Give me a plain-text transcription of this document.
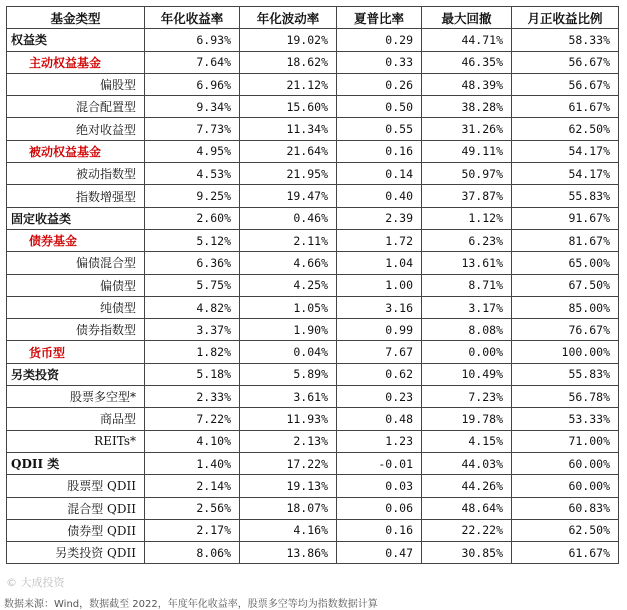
基金类型	年化收益率	年化波动率	夏普比率	最大回撤	月正收益比例
权益类	6.93%	19.02%	0.29	44.71%	58.33%
主动权益基金	7.64%	18.62%	0.33	46.35%	56.67%
偏股型	6.96%	21.12%	0.26	48.39%	56.67%
混合配置型	9.34%	15.60%	0.50	38.28%	61.67%
绝对收益型	7.73%	11.34%	0.55	31.26%	62.50%
被动权益基金	4.95%	21.64%	0.16	49.11%	54.17%
被动指数型	4.53%	21.95%	0.14	50.97%	54.17%
指数增强型	9.25%	19.47%	0.40	37.87%	55.83%
固定收益类	2.60%	0.46%	2.39	1.12%	91.67%
债券基金	5.12%	2.11%	1.72	6.23%	81.67%
偏债混合型	6.36%	4.66%	1.04	13.61%	65.00%
偏债型	5.75%	4.25%	1.00	8.71%	67.50%
纯债型	4.82%	1.05%	3.16	3.17%	85.00%
债券指数型	3.37%	1.90%	0.99	8.08%	76.67%
货币型	1.82%	0.04%	7.67	0.00%	100.00%
另类投资	5.18%	5.89%	0.62	10.49%	55.83%
股票多空型*	2.33%	3.61%	0.23	7.23%	56.78%
商品型	7.22%	11.93%	0.48	19.78%	53.33%
REITs*	4.10%	2.13%	1.23	4.15%	71.00%
QDII 类	1.40%	17.22%	-0.01	44.03%	60.00%
股票型 QDII	2.14%	19.13%	0.03	44.26%	60.00%
混合型 QDII	2.56%	18.07%	0.06	48.64%	60.83%
债券型 QDII	2.17%	4.16%	0.16	22.22%	62.50%
另类投资 QDII	8.06%	13.86%	0.47	30.85%	61.67%
© 大成投资
数据来源：Wind，数据截至 2022，年度年化收益率，股票多空等均为指数数据计算
